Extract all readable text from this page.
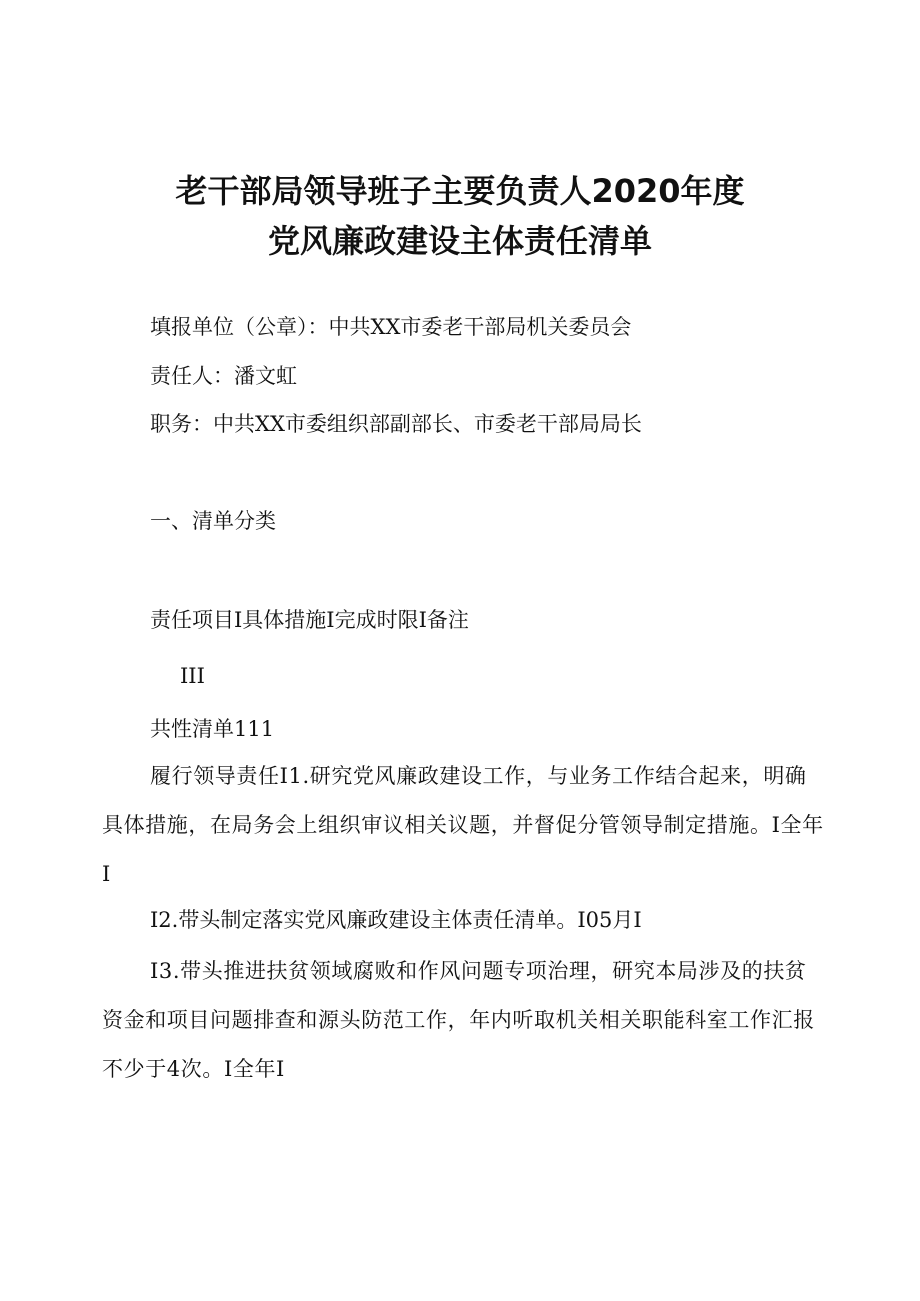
老干部局领导班子主要负责人2020年度
党风廉政建设主体责任清单
填报单位（公章）：中共XX市委老干部局机关委员会
责任人：潘文虹
职务：中共XX市委组织部副部长、市委老干部局局长
一、清单分类
责任项目I具体措施I完成时限I备注
III
共性清单111
履行领导责任I1.研究党风廉政建设工作，与业务工作结合起来，明确具体措施，在局务会上组织审议相关议题，并督促分管领导制定措施。I全年I
I2.带头制定落实党风廉政建设主体责任清单。I05月I
I3.带头推进扶贫领域腐败和作风问题专项治理，研究本局涉及的扶贫资金和项目问题排查和源头防范工作，年内听取机关相关职能科室工作汇报不少于4次。I全年I
